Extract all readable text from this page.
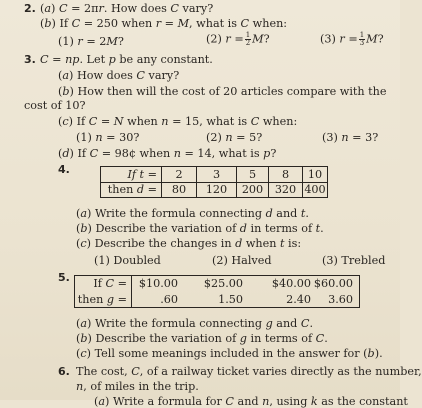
2. (a) C = 2πr. How does C vary?
(b) If C = 250 when r = M, what is C when:
(1) r = 2M?	(2) $r = \frac{1}{2} M$?	(3) $r = \frac{1}{3} M$?
3. C = np. Let p be any constant.
(a) How does C vary?
(b) How then will the cost of 20 articles compare with the
cost of 10?
(c) If C = N when n = 15, what is C when:
(1) n = 30?	(2) n = 5?	(3) n = 3?
(d) If C = 98¢ when n = 14, what is p?
4.	If t =	2	3	5	8	10
then d =	80	120	200	320 400
(a) Write the formula connecting d and t.
(b) Describe the variation of d in terms of t.
(c) Describe the changes in d when t is:
(1) Doubled	(2) Halved	(3) Trebled
5.	If C =	$10.00	$25.00	$40.00 $60.00
then g =	.60	1.50	2.40	3.60
(a) Write the formula connecting g and C.
(b) Describe the variation of g in terms of C.
(c) Tell some meanings included in the answer for (b).
6. The cost, C, of a railway ticket varies directly as the number,
n, of miles in the trip.
(a) Write a formula for C and n, using k as the constant
